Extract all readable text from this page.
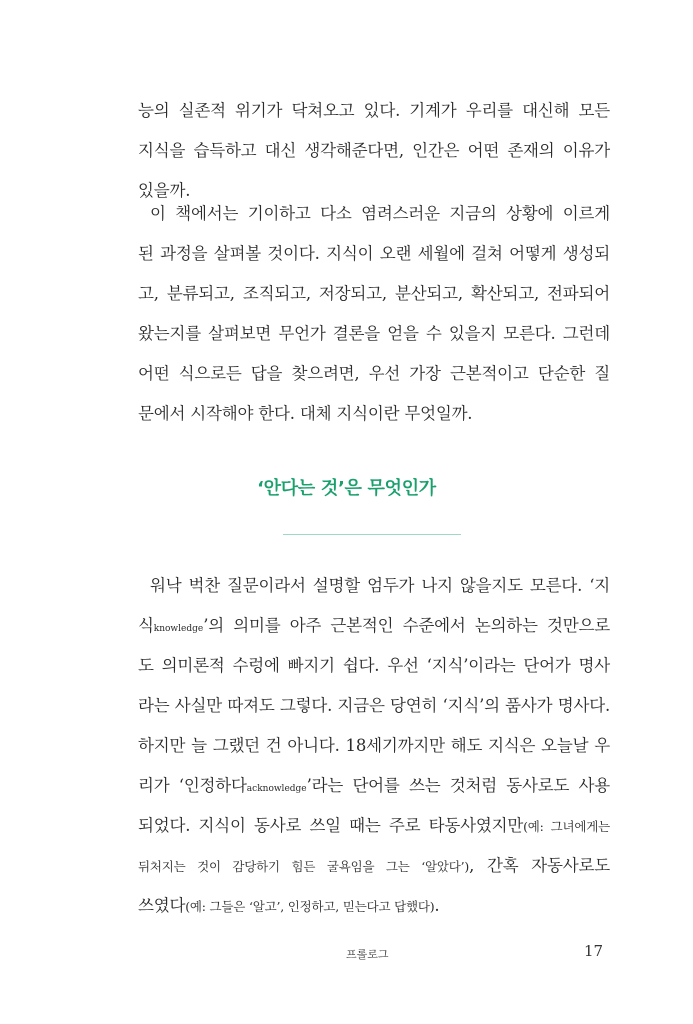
능의 실존적 위기가 닥쳐오고 있다. 기계가 우리를 대신해 모든
지식을 습득하고 대신 생각해준다면, 인간은 어떤 존재의 이유가
있을까.
이 책에서는 기이하고 다소 염려스러운 지금의 상황에 이르게
된 과정을 살펴볼 것이다. 지식이 오랜 세월에 걸쳐 어떻게 생성되
고, 분류되고, 조직되고, 저장되고, 분산되고, 확산되고, 전파되어
왔는지를 살펴보면 무언가 결론을 얻을 수 있을지 모른다. 그런데
어떤 식으로든 답을 찾으려면, 우선 가장 근본적이고 단순한 질
문에서 시작해야 한다. 대체 지식이란 무엇일까.
‘안다는 것’은 무엇인가
워낙 벅찬 질문이라서 설명할 엄두가 나지 않을지도 모른다. ‘지
식knowledge’의 의미를 아주 근본적인 수준에서 논의하는 것만으로
도 의미론적 수렁에 빠지기 쉽다. 우선 ‘지식’이라는 단어가 명사
라는 사실만 따져도 그렇다. 지금은 당연히 ‘지식’의 품사가 명사다.
하지만 늘 그랬던 건 아니다. 18세기까지만 해도 지식은 오늘날 우
리가 ‘인정하다acknowledge’라는 단어를 쓰는 것처럼 동사로도 사용
되었다. 지식이 동사로 쓰일 때는 주로 타동사였지만(예: 그녀에게는
뒤처지는 것이 감당하기 힘든 굴욕임을 그는 ‘알았다’), 간혹 자동사로도
쓰였다(예: 그들은 ‘알고’, 인정하고, 믿는다고 답했다).
프롤로그	17
